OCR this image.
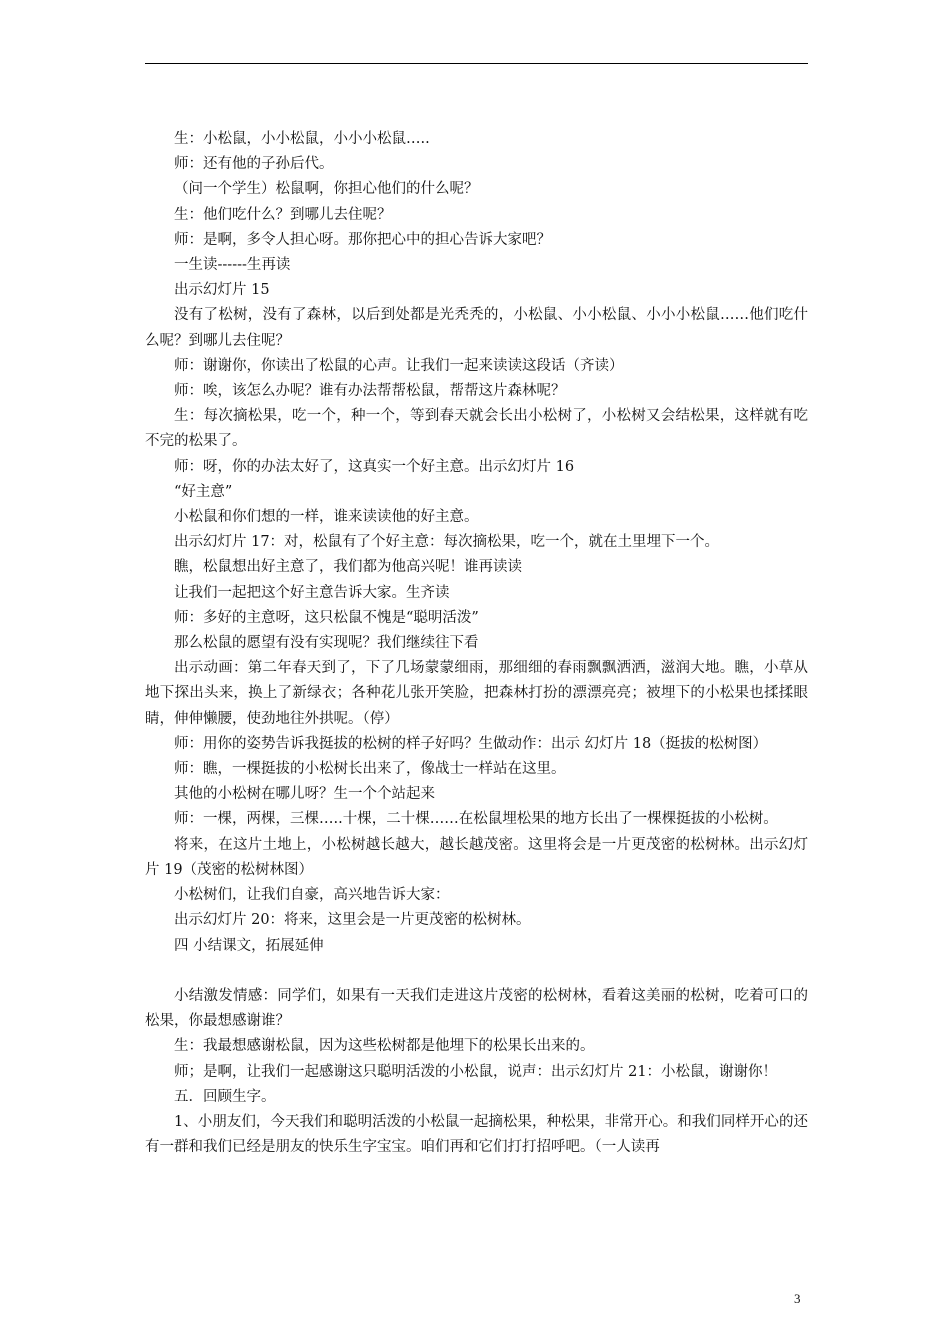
生：小松鼠，小小松鼠，小小小松鼠…..

师：还有他的子孙后代。

（问一个学生）松鼠啊，你担心他们的什么呢？

生：他们吃什么？到哪儿去住呢？

师：是啊，多令人担心呀。那你把心中的担心告诉大家吧？

一生读------生再读

出示幻灯片 15

没有了松树，没有了森林，以后到处都是光秃秃的，小松鼠、小小松鼠、小小小松鼠……他们吃什么呢？到哪儿去住呢？

师：谢谢你，你读出了松鼠的心声。让我们一起来读读这段话（齐读）

师：唉，该怎么办呢？谁有办法帮帮松鼠，帮帮这片森林呢？

生：每次摘松果，吃一个，种一个，等到春天就会长出小松树了，小松树又会结松果，这样就有吃不完的松果了。

师：呀，你的办法太好了，这真实一个好主意。出示幻灯片 16

“好主意”

小松鼠和你们想的一样，谁来读读他的好主意。

出示幻灯片 17：对，松鼠有了个好主意：每次摘松果，吃一个，就在土里埋下一个。

瞧，松鼠想出好主意了，我们都为他高兴呢！谁再读读

让我们一起把这个好主意告诉大家。生齐读

师：多好的主意呀，这只松鼠不愧是“聪明活泼”

那么松鼠的愿望有没有实现呢？我们继续往下看

出示动画：第二年春天到了，下了几场蒙蒙细雨，那细细的春雨飘飘洒洒，滋润大地。瞧，小草从地下探出头来，换上了新绿衣；各种花儿张开笑脸，把森林打扮的漂漂亮亮；被埋下的小松果也揉揉眼睛，伸伸懒腰，使劲地往外拱呢。（停）

师：用你的姿势告诉我挺拔的松树的样子好吗？生做动作：出示 幻灯片 18（挺拔的松树图）

师：瞧，一棵挺拔的小松树长出来了，像战士一样站在这里。

其他的小松树在哪儿呀？生一个个站起来

师：一棵，两棵，三棵…..十棵，二十棵……在松鼠埋松果的地方长出了一棵棵挺拔的小松树。

将来，在这片土地上，小松树越长越大，越长越茂密。这里将会是一片更茂密的松树林。出示幻灯片 19（茂密的松树林图）

小松树们，让我们自豪，高兴地告诉大家：

出示幻灯片 20：将来，这里会是一片更茂密的松树林。

四 小结课文，拓展延伸

小结激发情感：同学们，如果有一天我们走进这片茂密的松树林，看着这美丽的松树，吃着可口的松果，你最想感谢谁？

生：我最想感谢松鼠，因为这些松树都是他埋下的松果长出来的。

师；是啊，让我们一起感谢这只聪明活泼的小松鼠，说声：出示幻灯片 21：小松鼠，谢谢你！

五．回顾生字。

1、小朋友们，今天我们和聪明活泼的小松鼠一起摘松果，种松果，非常开心。和我们同样开心的还有一群和我们已经是朋友的快乐生字宝宝。咱们再和它们打打招呼吧。（一人读再

3
